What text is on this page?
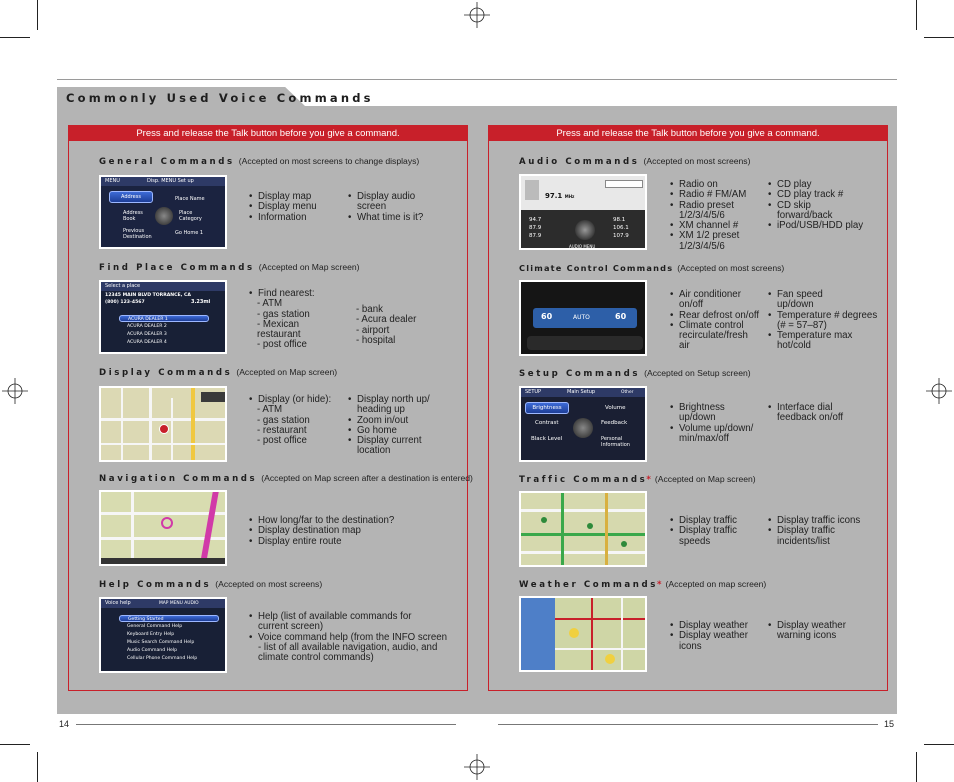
Commonly Used Voice Commands
Press and release the Talk button before you give a command.
General Commands (Accepted on most screens to change displays)
MENU	Disp. MENU Set up
Address	Place Name
Address Book
Place Category
Previous Destination
Go Home 1
• Display map
• Display menu
• Information
• Display audio screen
• What time is it?
Find Place Commands (Accepted on Map screen)
Select a place
12345 MAIN BLVD TORRANCE, CA
(800) 123-4567	3.23mi
ACURA DEALER 1
ACURA DEALER 2
ACURA DEALER 3
ACURA DEALER 4
• Find nearest:
- ATM
- gas station
- Mexican restaurant
- post office
- bank
- Acura dealer
- airport
- hospital
Display Commands (Accepted on Map screen)
• Display (or hide):
- ATM
- gas station
- restaurant
- post office
• Display north up/ heading up
• Zoom in/out
• Go home
• Display current location
Navigation Commands (Accepted on Map screen after a destination is entered)
• How long/far to the destination?
• Display destination map
• Display entire route
Help Commands (Accepted on most screens)
Voice help	MAP MENU AUDIO
Getting Started
General Command Help
Keyboard Entry Help
Music Search Command Help
Audio Command Help
Cellular Phone Command Help
• Help (list of available commands for current screen)
• Voice command help (from the INFO screen - list of all available navigation, audio, and climate control commands)
Press and release the Talk button before you give a command.
Audio Commands (Accepted on most screens)
97.1 MHz
94.7
87.9
87.9
98.1
106.1
107.9
AUDIO MENU
• Radio on
• Radio # FM/AM
• Radio preset 1/2/3/4/5/6
• XM channel #
• XM 1/2 preset 1/2/3/4/5/6
• CD play
• CD play track #
• CD skip forward/back
• iPod/USB/HDD play
Climate Control Commands (Accepted on most screens)
60	AUTO	60
• Air conditioner on/off
• Rear defrost on/off
• Climate control recirculate/fresh air
• Fan speed up/down
• Temperature # degrees (# = 57–87)
• Temperature max hot/cold
Setup Commands (Accepted on Setup screen)
SETUP	Main Setup	Other
Brightness	Volume
Contrast	Feedback
Black Level	Personal Information
• Brightness up/down
• Volume up/down/ min/max/off
• Interface dial feedback on/off
Traffic Commands* (Accepted on Map screen)
• Display traffic
• Display traffic speeds
• Display traffic icons
• Display traffic incidents/list
Weather Commands* (Accepted on map screen)
• Display weather
• Display weather icons
• Display weather warning icons
14	15
